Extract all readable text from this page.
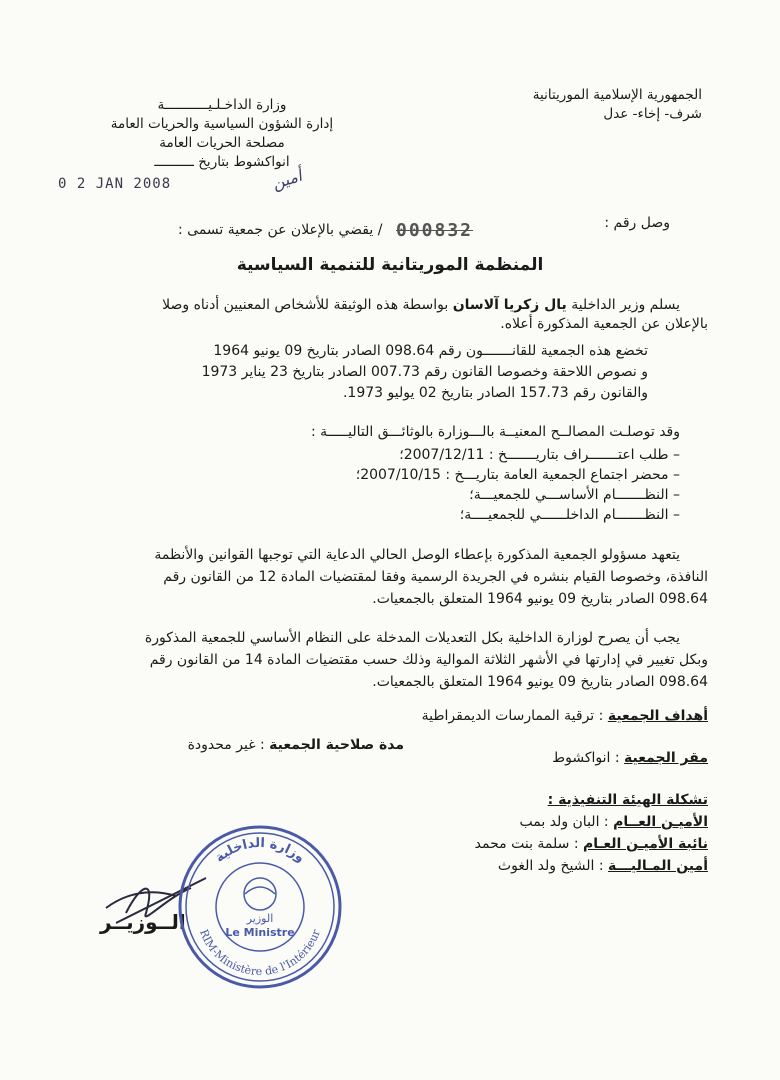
الجمهورية الإسلامية الموريتانية
شرف- إخاء- عدل
وزارة الداخـلـيـــــــــــة
إدارة الشؤون السياسية والحريات العامة
مصلحة الحريات العامة
انواكشوط بتاريخ ــــــــــ
0 2 JAN 2008	أمين
وصل رقم :
000832
/ يقضي بالإعلان عن جمعية تسمى :
المنظمة الموريتانية للتنمية السياسية
يسلم وزير الداخلية يال زكريا آلاسان بواسطة هذه الوثيقة للأشخاص المعنيين أدناه وصلا
بالإعلان عن الجمعية المذكورة أعلاه.
تخضع هذه الجمعية للقانـــــــون رقم 098.64 الصادر بتاريخ 09 يونيو 1964
و نصوص اللاحقة وخصوصا القانون رقم 007.73 الصادر بتاريخ 23 يناير 1973
والقانون رقم 157.73 الصادر بتاريخ 02 يوليو 1973.
وقد توصلـت المصالــح المعنيــة بالـــوزارة بالوثائـــق التاليـــــة :
– طلب اعتـــــــراف بتاريـــــــخ : 2007/12/11؛
– محضر اجتماع الجمعية العامة بتاريـــخ : 2007/10/15؛
– النظـــــــام الأساســـي للجمعيـــة؛
– النظـــــــام الداخلــــــي للجمعيــــة؛
يتعهد مسؤولو الجمعية المذكورة بإعطاء الوصل الحالي الدعاية التي توجبها القوانين والأنظمة
النافذة، وخصوصا القيام بنشره في الجريدة الرسمية وفقا لمقتضيات المادة 12 من القانون رقم
098.64 الصادر بتاريخ 09 يونيو 1964 المتعلق بالجمعيات.
يجب أن يصرح لوزارة الداخلية بكل التعديلات المدخلة على النظام الأساسي للجمعية المذكورة
وبكل تغيير في إدارتها في الأشهر الثلاثة الموالية وذلك حسب مقتضيات المادة 14 من القانون رقم
098.64 الصادر بتاريخ 09 يونيو 1964 المتعلق بالجمعيات.
أهداف الجمعية : ترقية الممارسات الديمقراطية
مدة صلاحية الجمعية : غير محدودة
مقر الجمعية : انواكشوط
تشكلة الهيئة التنفيذية :
الأميـن العــام : البان ولد بمب
نائبة الأميـن العـام : سلمة بنت محمد
أمين المـاليـــة : الشيخ ولد الغوث
الــوزيــر
وزارة الداخلية
الوزير
Le Ministre
RIM-Ministère de l'Intérieur
